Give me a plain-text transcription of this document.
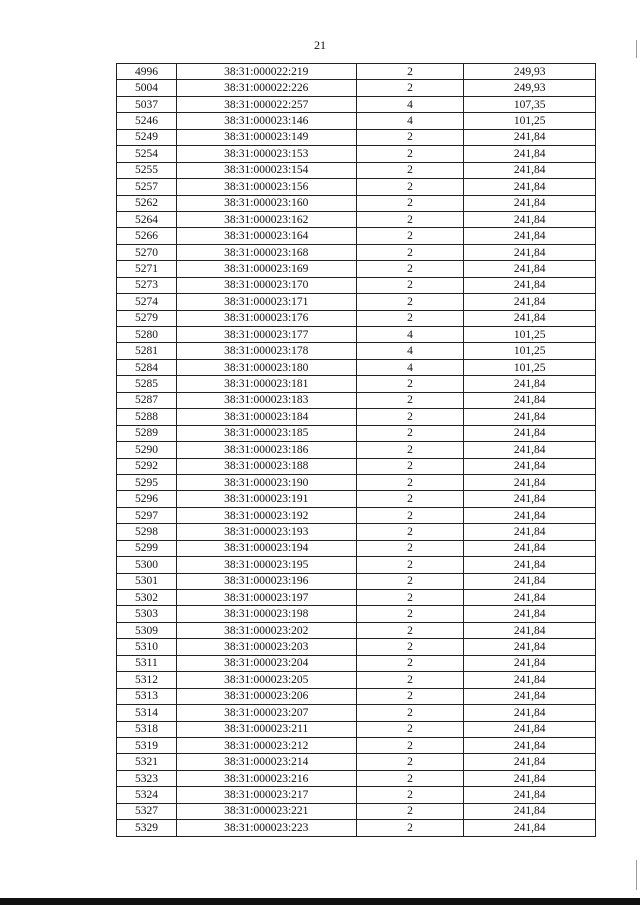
21
4996	38:31:000022:219	2	249,93
5004	38:31:000022:226	2	249,93
5037	38:31:000022:257	4	107,35
5246	38:31:000023:146	4	101,25
5249	38:31:000023:149	2	241,84
5254	38:31:000023:153	2	241,84
5255	38:31:000023:154	2	241,84
5257	38:31:000023:156	2	241,84
5262	38:31:000023:160	2	241,84
5264	38:31:000023:162	2	241,84
5266	38:31:000023:164	2	241,84
5270	38:31:000023:168	2	241,84
5271	38:31:000023:169	2	241,84
5273	38:31:000023:170	2	241,84
5274	38:31:000023:171	2	241,84
5279	38:31:000023:176	2	241,84
5280	38:31:000023:177	4	101,25
5281	38:31:000023:178	4	101,25
5284	38:31:000023:180	4	101,25
5285	38:31:000023:181	2	241,84
5287	38:31:000023:183	2	241,84
5288	38:31:000023:184	2	241,84
5289	38:31:000023:185	2	241,84
5290	38:31:000023:186	2	241,84
5292	38:31:000023:188	2	241,84
5295	38:31:000023:190	2	241,84
5296	38:31:000023:191	2	241,84
5297	38:31:000023:192	2	241,84
5298	38:31:000023:193	2	241,84
5299	38:31:000023:194	2	241,84
5300	38:31:000023:195	2	241,84
5301	38:31:000023:196	2	241,84
5302	38:31:000023:197	2	241,84
5303	38:31:000023:198	2	241,84
5309	38:31:000023:202	2	241,84
5310	38:31:000023:203	2	241,84
5311	38:31:000023:204	2	241,84
5312	38:31:000023:205	2	241,84
5313	38:31:000023:206	2	241,84
5314	38:31:000023:207	2	241,84
5318	38:31:000023:211	2	241,84
5319	38:31:000023:212	2	241,84
5321	38:31:000023:214	2	241,84
5323	38:31:000023:216	2	241,84
5324	38:31:000023:217	2	241,84
5327	38:31:000023:221	2	241,84
5329	38:31:000023:223	2	241,84
